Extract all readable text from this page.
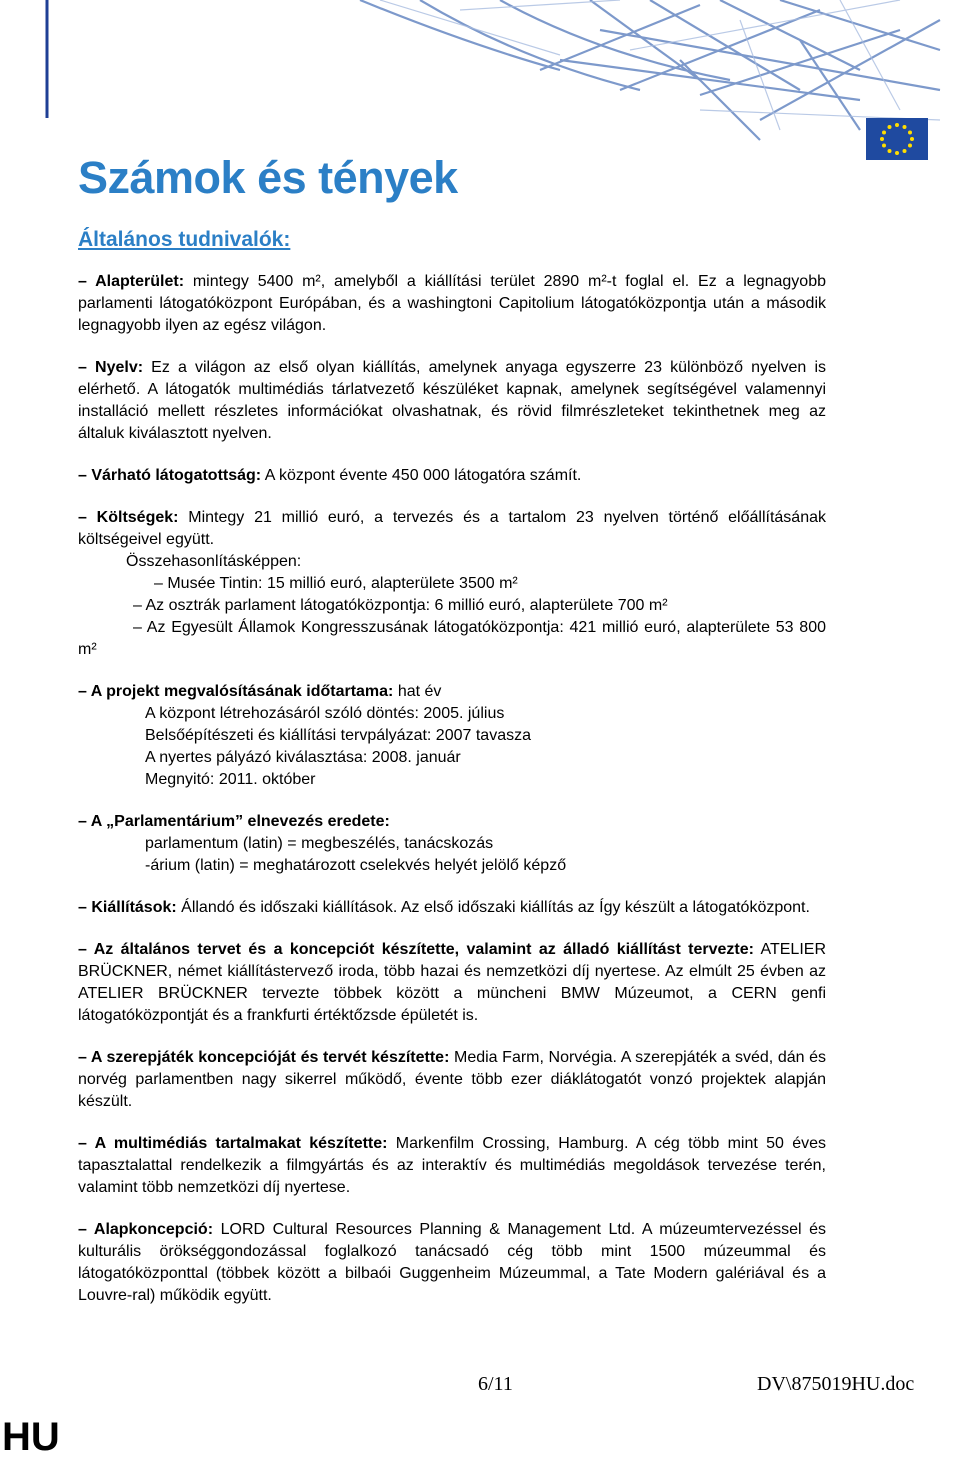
Számok és tények
Általános tudnivalók:

– Alapterület: mintegy 5400 m², amelyből a kiállítási terület 2890 m²-t foglal el. Ez a legnagyobb parlamenti látogatóközpont Európában, és a washingtoni Capitolium látogatóközpontja után a második legnagyobb ilyen az egész világon.

– Nyelv: Ez a világon az első olyan kiállítás, amelynek anyaga egyszerre 23 különböző nyelven is elérhető. A látogatók multimédiás tárlatvezető készüléket kapnak, amelynek segítségével valamennyi installáció mellett részletes információkat olvashatnak, és rövid filmrészleteket tekinthetnek meg az általuk kiválasztott nyelven.

– Várható látogatottság: A központ évente 450 000 látogatóra számít.

– Költségek: Mintegy 21 millió euró, a tervezés és a tartalom 23 nyelven történő előállításának költségeivel együtt.

Összehasonlításképpen:

– Musée Tintin: 15 millió euró, alapterülete 3500 m²

– Az osztrák parlament látogatóközpontja: 6 millió euró, alapterülete 700 m²

– Az Egyesült Államok Kongresszusának látogatóközpontja: 421 millió euró, alapterülete 53 800 m²

– A projekt megvalósításának időtartama: hat év

A központ létrehozásáról szóló döntés: 2005. július

Belsőépítészeti és kiállítási tervpályázat: 2007 tavasza

A nyertes pályázó kiválasztása: 2008. január

Megnyitó: 2011. október

– A „Parlamentárium” elnevezés eredete:

parlamentum (latin) = megbeszélés, tanácskozás

-árium (latin) = meghatározott cselekvés helyét jelölő képző

– Kiállítások: Állandó és időszaki kiállítások. Az első időszaki kiállítás az Így készült a látogatóközpont.

– Az általános tervet és a koncepciót készítette, valamint az álladó kiállítást tervezte: ATELIER BRÜCKNER, német kiállítástervező iroda, több hazai és nemzetközi díj nyertese. Az elmúlt 25 évben az ATELIER BRÜCKNER tervezte többek között a müncheni BMW Múzeumot, a CERN genfi látogatóközpontját és a frankfurti értéktőzsde épületét is.

– A szerepjáték koncepcióját és tervét készítette: Media Farm, Norvégia. A szerepjáték a svéd, dán és norvég parlamentben nagy sikerrel működő, évente több ezer diáklátogatót vonzó projektek alapján készült.

– A multimédiás tartalmakat készítette: Markenfilm Crossing, Hamburg. A cég több mint 50 éves tapasztalattal rendelkezik a filmgyártás és az interaktív és multimédiás megoldások tervezése terén, valamint több nemzetközi díj nyertese.

– Alapkoncepció: LORD Cultural Resources Planning & Management Ltd. A múzeumtervezéssel és kulturális örökséggondozással foglalkozó tanácsadó cég több mint 1500 múzeummal és látogatóközponttal (többek között a bilbaói Guggenheim Múzeummal, a Tate Modern galériával és a Louvre-ral) működik együtt.

6/11	DV\875019HU.doc
HU
